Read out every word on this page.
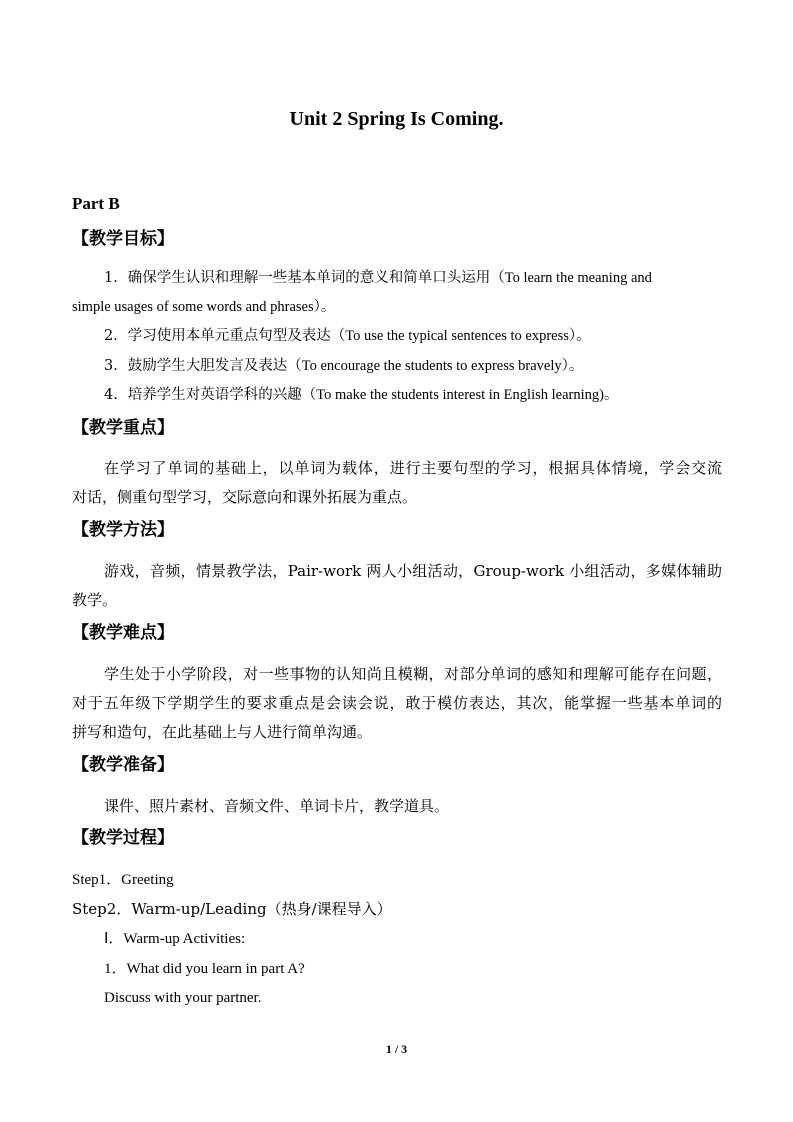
Unit 2 Spring Is Coming.
Part B
【教学目标】
1．确保学生认识和理解一些基本单词的意义和简单口头运用（To learn the meaning and
simple usages of some words and phrases）。
2．学习使用本单元重点句型及表达（To use the typical sentences to express）。
3．鼓励学生大胆发言及表达（To encourage the students to express bravely）。
4．培养学生对英语学科的兴趣（To make the students interest in English learning)。
【教学重点】
在学习了单词的基础上，以单词为载体，进行主要句型的学习，根据具体情境，学会交流
对话，侧重句型学习，交际意向和课外拓展为重点。
【教学方法】
游戏，音频，情景教学法，Pair-work 两人小组活动，Group-work 小组活动，多媒体辅助
教学。
【教学难点】
学生处于小学阶段，对一些事物的认知尚且模糊，对部分单词的感知和理解可能存在问题，
对于五年级下学期学生的要求重点是会读会说，敢于模仿表达，其次，能掌握一些基本单词的
拼写和造句，在此基础上与人进行简单沟通。
【教学准备】
课件、照片素材、音频文件、单词卡片，教学道具。
【教学过程】
Step1．Greeting
Step2．Warm-up/Leading（热身/课程导入）
Ⅰ．Warm-up Activities:
1．What did you learn in part A?
Discuss with your partner.
1 / 3
